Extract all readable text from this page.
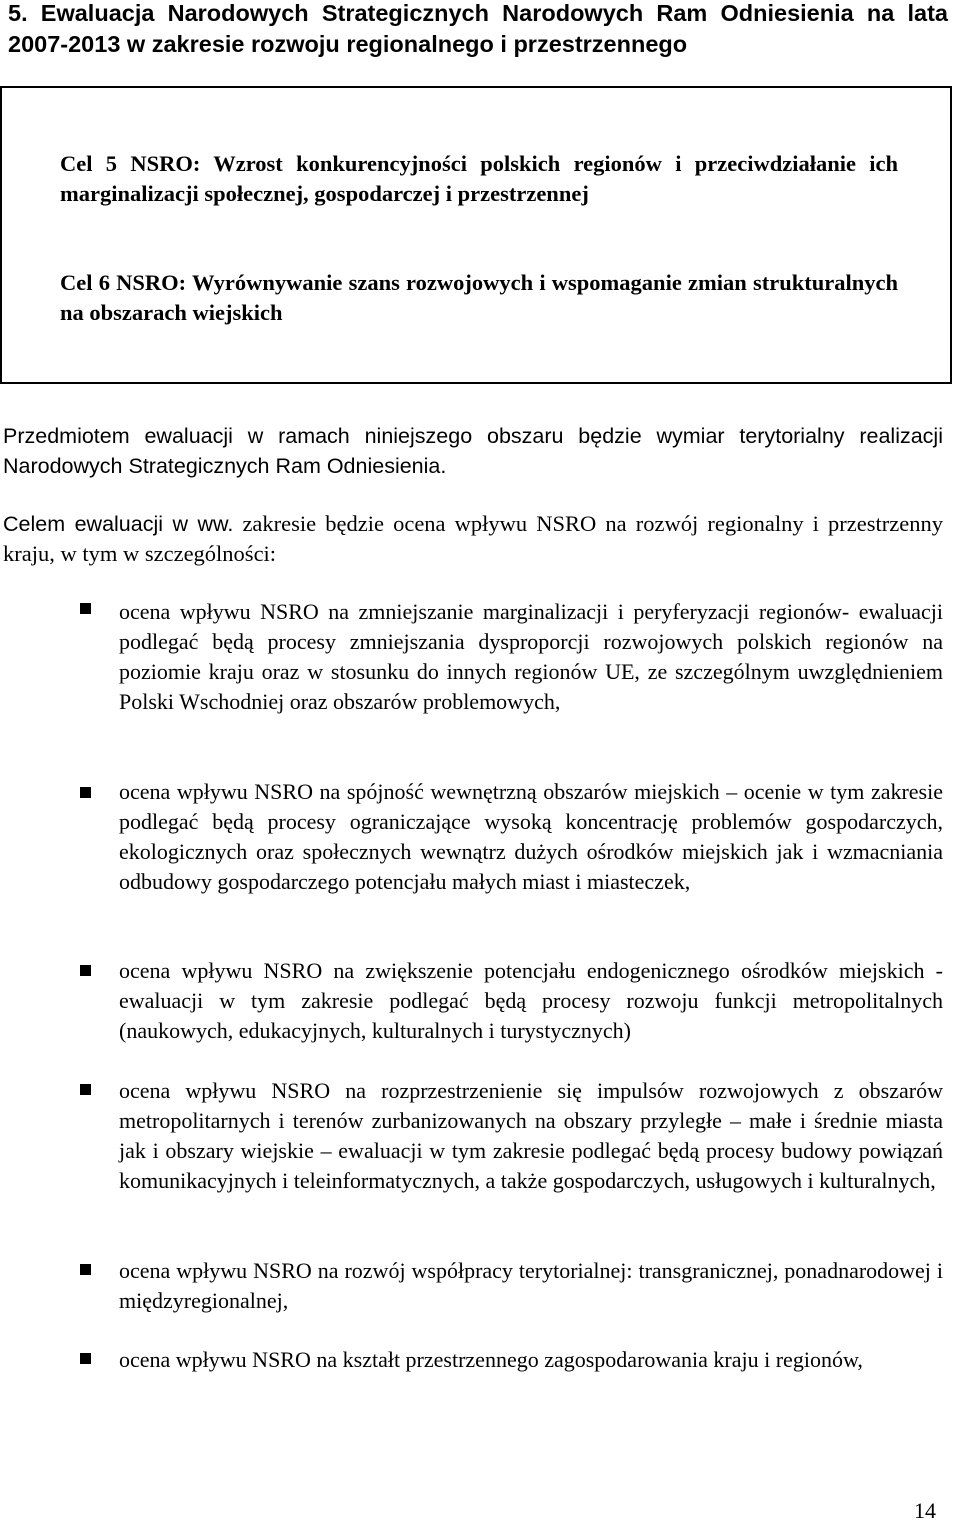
5. Ewaluacja Narodowych Strategicznych Narodowych Ram Odniesienia na lata 2007-2013 w zakresie rozwoju regionalnego i przestrzennego
Cel 5 NSRO: Wzrost konkurencyjności polskich regionów i przeciwdziałanie ich marginalizacji społecznej, gospodarczej i przestrzennej
Cel 6 NSRO: Wyrównywanie szans rozwojowych i wspomaganie zmian strukturalnych na obszarach wiejskich
Przedmiotem ewaluacji w ramach niniejszego obszaru będzie wymiar terytorialny realizacji Narodowych Strategicznych Ram Odniesienia.
Celem ewaluacji w ww. zakresie będzie ocena wpływu NSRO na rozwój regionalny i przestrzenny kraju, w tym w szczególności:
ocena wpływu NSRO na zmniejszanie marginalizacji i peryferyzacji regionów- ewaluacji podlegać będą procesy zmniejszania dysproporcji rozwojowych polskich regionów na poziomie kraju oraz w stosunku do innych regionów UE, ze szczególnym uwzględnieniem Polski Wschodniej oraz obszarów problemowych,
ocena wpływu NSRO na spójność wewnętrzną obszarów miejskich – ocenie w tym zakresie podlegać będą procesy ograniczające wysoką koncentrację problemów gospodarczych, ekologicznych oraz społecznych wewnątrz dużych ośrodków miejskich jak i wzmacniania odbudowy gospodarczego potencjału małych miast i miasteczek,
ocena wpływu NSRO na zwiększenie potencjału endogenicznego ośrodków miejskich - ewaluacji w tym zakresie podlegać będą procesy rozwoju funkcji metropolitalnych (naukowych, edukacyjnych, kulturalnych i turystycznych)
ocena wpływu NSRO na rozprzestrzenienie się impulsów rozwojowych z obszarów metropolitarnych i terenów zurbanizowanych na obszary przyległe – małe i średnie miasta jak i obszary wiejskie – ewaluacji w tym zakresie podlegać będą procesy budowy powiązań komunikacyjnych i teleinformatycznych, a także gospodarczych, usługowych i kulturalnych,
ocena wpływu NSRO na rozwój współpracy terytorialnej: transgranicznej, ponadnarodowej i międzyregionalnej,
ocena wpływu NSRO na kształt przestrzennego zagospodarowania kraju i regionów,
14
